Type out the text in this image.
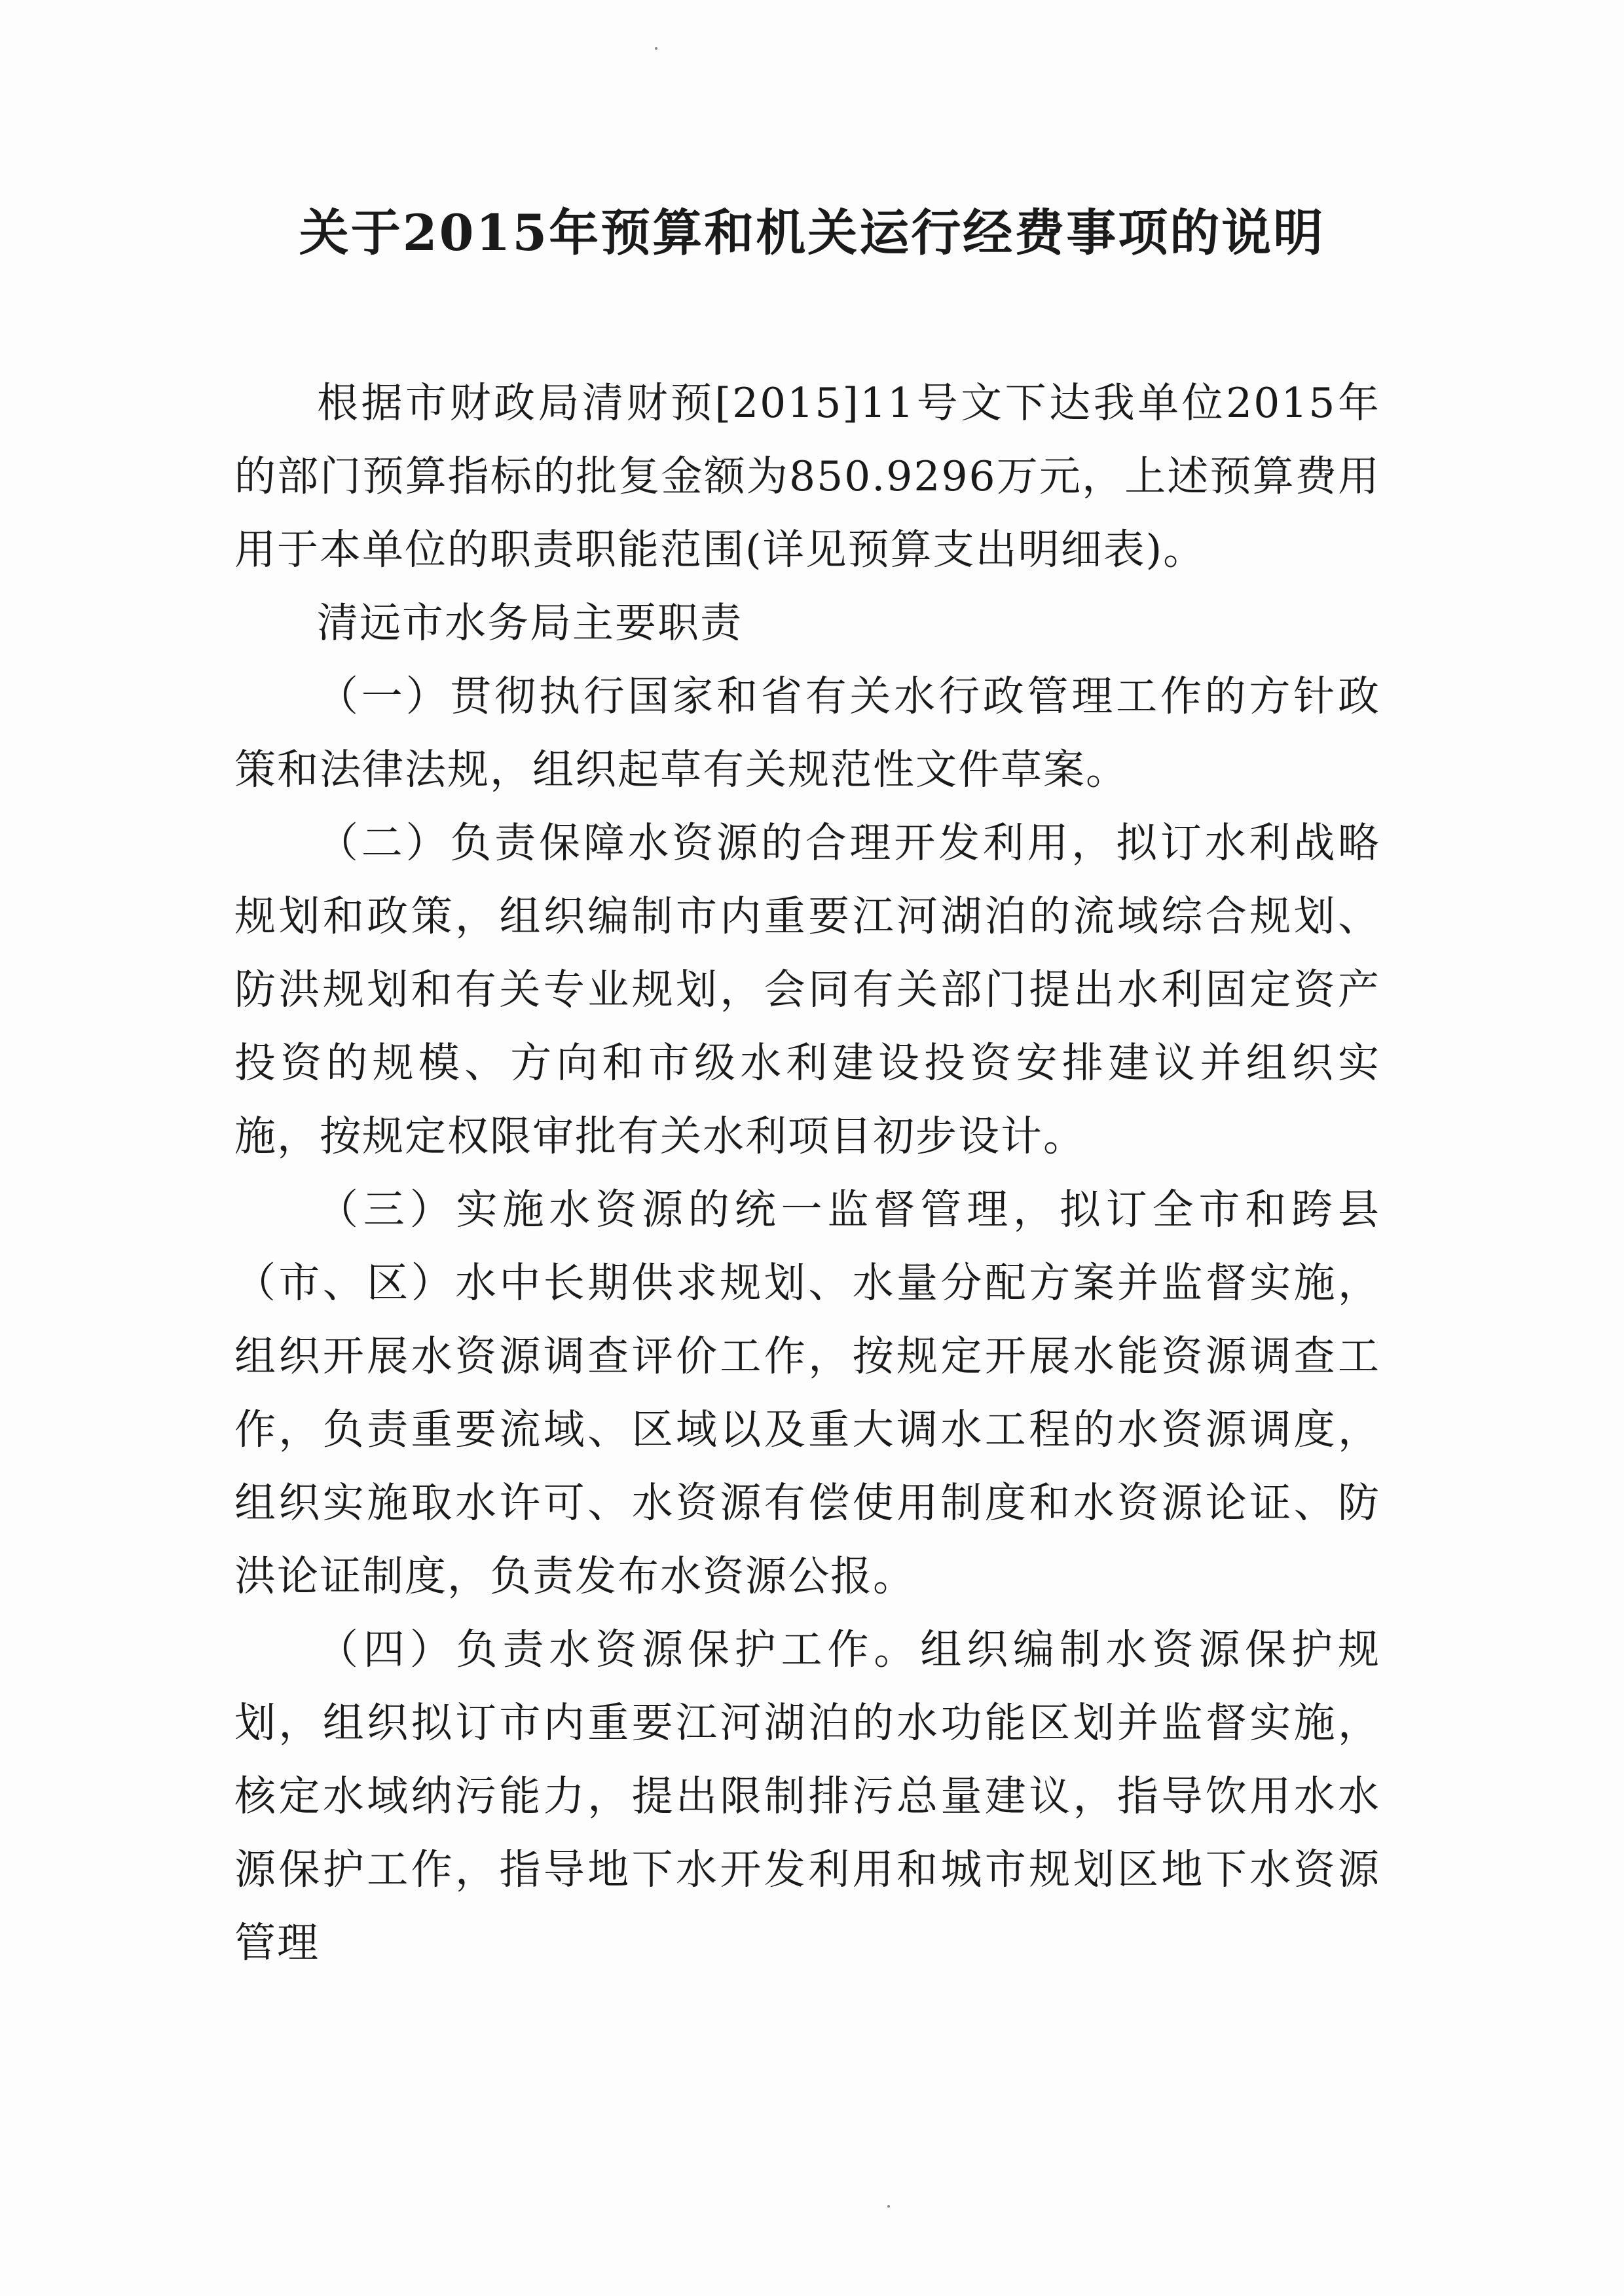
关于2015年预算和机关运行经费事项的说明

根据市财政局清财预[2015]11号文下达我单位2015年的部门预算指标的批复金额为850.9296万元，上述预算费用用于本单位的职责职能范围(详见预算支出明细表)。

清远市水务局主要职责

（一）贯彻执行国家和省有关水行政管理工作的方针政策和法律法规，组织起草有关规范性文件草案。

（二）负责保障水资源的合理开发利用，拟订水利战略规划和政策，组织编制市内重要江河湖泊的流域综合规划、防洪规划和有关专业规划，会同有关部门提出水利固定资产投资的规模、方向和市级水利建设投资安排建议并组织实施，按规定权限审批有关水利项目初步设计。

（三）实施水资源的统一监督管理，拟订全市和跨县（市、区）水中长期供求规划、水量分配方案并监督实施，组织开展水资源调查评价工作，按规定开展水能资源调查工作，负责重要流域、区域以及重大调水工程的水资源调度，组织实施取水许可、水资源有偿使用制度和水资源论证、防洪论证制度，负责发布水资源公报。

（四）负责水资源保护工作。组织编制水资源保护规划，组织拟订市内重要江河湖泊的水功能区划并监督实施，核定水域纳污能力，提出限制排污总量建议，指导饮用水水源保护工作，指导地下水开发利用和城市规划区地下水资源管理
